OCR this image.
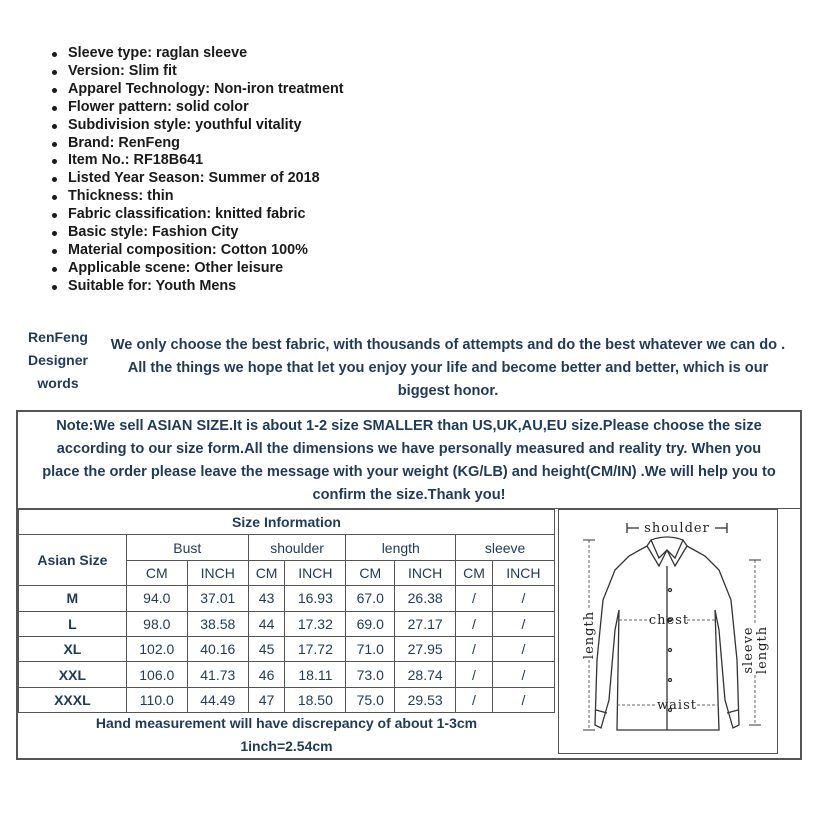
Sleeve type: raglan sleeve
Version: Slim fit
Apparel Technology: Non-iron treatment
Flower pattern: solid color
Subdivision style: youthful vitality
Brand: RenFeng
Item No.: RF18B641
Listed Year Season: Summer of 2018
Thickness: thin
Fabric classification: knitted fabric
Basic style: Fashion City
Material composition: Cotton 100%
Applicable scene: Other leisure
Suitable for: Youth Mens
RenFeng
Designer
words
We only choose the best fabric, with thousands of attempts and do the best whatever we can do . All the things we hope that let you enjoy your life and become better and better, which is our biggest honor.
Note:We sell ASIAN SIZE.It is about 1-2 size SMALLER than US,UK,AU,EU size.Please choose the size
according to our size form.All the dimensions we have personally measured and reality try. When you
place the order please leave the message with your weight (KG/LB) and height(CM/IN) .We will help you to
confirm the size.Thank you!
Size Information								
Asian Size	Bust		shoulder		length		sleeve	
	CM	INCH	CM	INCH	CM	INCH	CM	INCH
M	94.0	37.01	43	16.93	67.0	26.38	/	/
L	98.0	38.58	44	17.32	69.0	27.17	/	/
XL	102.0	40.16	45	17.72	71.0	27.95	/	/
XXL	106.0	41.73	46	18.11	73.0	28.74	/	/
XXXL	110.0	44.49	47	18.50	75.0	29.53	/	/
Hand measurement will have discrepancy of about 1-3cm
1inch=2.54cm
shoulder
chest
waist
length	sleeve length
